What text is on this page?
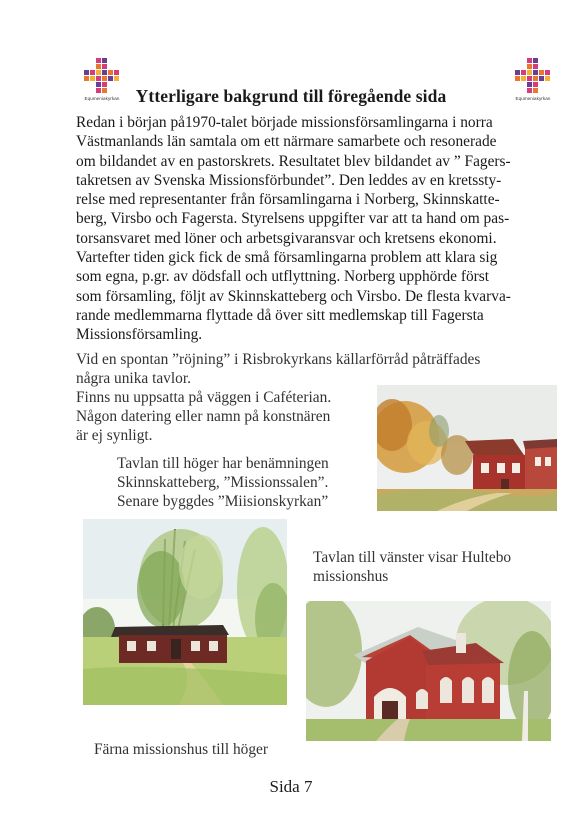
Equmeniakyrkan	Equmeniakyrkan
Ytterligare bakgrund till föregående sida
Redan i början på1970-talet började missionsförsamlingarna i norra
Västmanlands län samtala om ett närmare samarbete och resonerade
om bildandet av en pastorskrets. Resultatet blev bildandet av ” Fagers-
takretsen av Svenska Missionsförbundet”. Den leddes av en kretssty-
relse med representanter från församlingarna i Norberg, Skinnskatte-
berg, Virsbo och Fagersta. Styrelsens uppgifter var att ta hand om pas-
torsansvaret med löner och arbetsgivaransvar och kretsens ekonomi.
Vartefter tiden gick fick de små församlingarna problem att klara sig
som egna, p.gr. av dödsfall och utflyttning. Norberg upphörde först
som församling, följt av Skinnskatteberg och Virsbo. De flesta kvarva-
rande medlemmarna flyttade då över sitt medlemskap till Fagersta
Missionsförsamling.
Vid en spontan ”röjning” i Risbrokyrkans källarförråd påträffades
några unika tavlor.
Finns nu uppsatta på väggen i Caféterian.
Någon datering eller namn på konstnären
är ej synligt.
Tavlan till höger har benämningen
Skinnskatteberg, ”Missionssalen”.
Senare byggdes ”Miisionskyrkan”
Tavlan till vänster visar Hultebo
missionshus
Färna missionshus till höger
Sida 7
